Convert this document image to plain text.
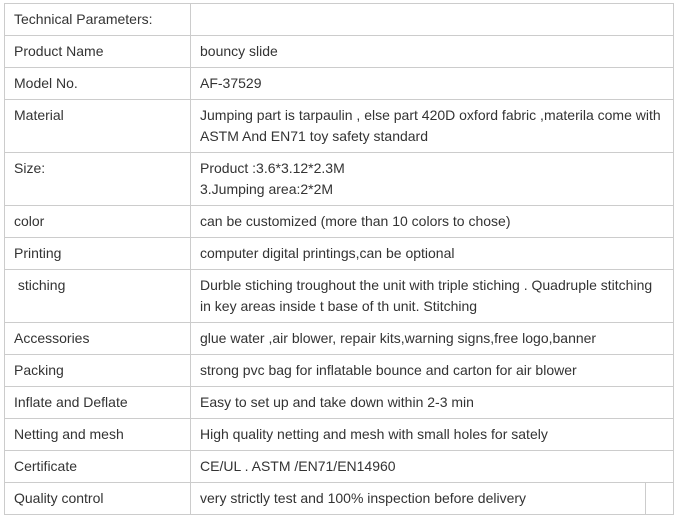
Technical Parameters:	
Product Name	bouncy slide
Model No.	AF-37529
Material	Jumping part is tarpaulin , else part 420D oxford fabric ,materila come with ASTM And EN71 toy safety standard
Size:	Product :3.6*3.12*2.3M
3.Jumping area:2*2M
color	can be customized (more than 10 colors to chose)
Printing	computer digital printings,can be optional
stiching	Durble stiching troughout the unit with triple stiching . Quadruple stitching in key areas inside t base of th unit. Stitching
Accessories	glue water ,air blower, repair kits,warning signs,free logo,banner
Packing	strong pvc bag for inflatable bounce and carton for air blower
Inflate and Deflate	Easy to set up and take down within 2-3 min
Netting and mesh	High quality netting and mesh with small holes for sately
Certificate	CE/UL . ASTM /EN71/EN14960
Quality control	very strictly test and 100% inspection before delivery
